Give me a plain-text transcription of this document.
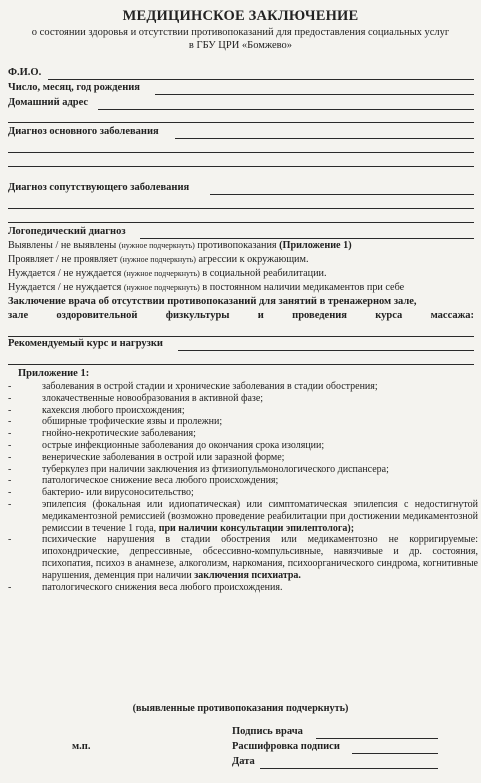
МЕДИЦИНСКОЕ ЗАКЛЮЧЕНИЕ
о состоянии здоровья и отсутствии противопоказаний для предоставления социальных услуг
в ГБУ ЦРИ «Бомжево»
Ф.И.О.
Число, месяц, год рождения
Домашний адрес
Диагноз основного заболевания
Диагноз сопутствующего заболевания
Логопедический диагноз
Выявлены / не выявлены (нужное подчеркнуть) противопоказания (Приложение 1)
Проявляет / не проявляет (нужное подчеркнуть) агрессии к окружающим.
Нуждается / не нуждается (нужное подчеркнуть) в социальной реабилитации.
Нуждается / не нуждается (нужное подчеркнуть) в постоянном наличии медикаментов при себе
Заключение врача об отсутствии противопоказаний для занятий в тренажерном зале,
зале оздоровительной физкультуры и проведения курса массажа:
Рекомендуемый курс и нагрузки
Приложение 1:
-	заболевания в острой стадии и хронические заболевания в стадии обострения;
-	злокачественные новообразования в активной фазе;
-	кахексия любого происхождения;
-	обширные трофические язвы и пролежни;
-	гнойно-некротические заболевания;
-	острые инфекционные заболевания до окончания срока изоляции;
-	венерические заболевания в острой или заразной форме;
-	туберкулез при наличии заключения из фтизиопульмонологического диспансера;
-	патологическое снижение веса любого происхождения;
-	бактерио- или вирусоносительство;
-	эпилепсия (фокальная или идиопатическая) или симптоматическая эпилепсия с недостигнутой медикаментозной ремиссией (возможно проведение реабилитации при достижении медикаментозной ремиссии в течение 1 года, при наличии консультации эпилептолога);
-	психические нарушения в стадии обострения или медикаментозно не корригируемые: ипохондрические, депрессивные, обсессивно-компульсивные, навязчивые и др. состояния, психопатия, психоз в анамнезе, алкоголизм, наркомания, психоорганического синдрома, когнитивные нарушения, деменция при наличии заключения психиатра.
-	патологического снижения веса любого происхождения.
(выявленные противопоказания подчеркнуть)
Подпись врача
Расшифровка подписи
Дата
м.п.
